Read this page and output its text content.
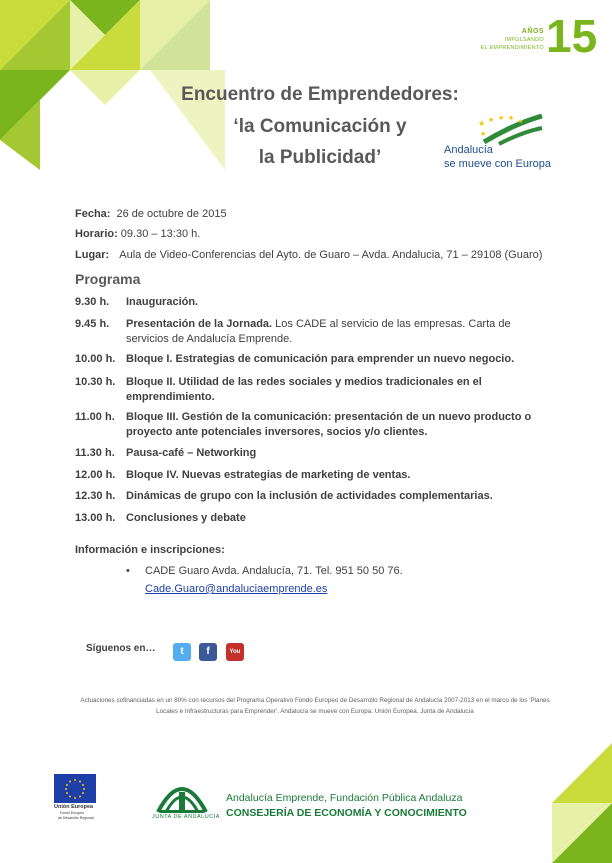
AÑOS
IMPULSANDO
EL EMPRENDIMIENTO 15
Encuentro de Emprendedores:
‘la Comunicación y
la Publicidad’
★ ★ ★ ★
★
★
Andalucía
se mueve con Europa
Fecha: 26 de octubre de 2015
Horario: 09.30 – 13:30 h.
Lugar: Aula de Video-Conferencias del Ayto. de Guaro – Avda. Andalucia, 71 – 29108 (Guaro)
Programa
9.30 h. Inauguración.
9.45 h. Presentación de la Jornada. Los CADE al servicio de las empresas. Carta de servicios de Andalucía Emprende.
10.00 h. Bloque I. Estrategias de comunicación para emprender un nuevo negocio.
10.30 h. Bloque II. Utilidad de las redes sociales y medios tradicionales en el emprendimiento.
11.00 h. Bloque III. Gestión de la comunicación: presentación de un nuevo producto o proyecto ante potenciales inversores, socios y/o clientes.
11.30 h. Pausa-café – Networking
12.00 h. Bloque IV. Nuevas estrategias de marketing de ventas.
12.30 h. Dinámicas de grupo con la inclusión de actividades complementarias.
13.00 h. Conclusiones y debate
Información e inscripciones:
• CADE Guaro Avda. Andalucía, 71. Tel. 951 50 50 76.
Cade.Guaro@andaluciaemprende.es
Síguenos en…	t	f	You Tube
Actuaciones cofinanciadas en un 80% con recursos del Programa Operativo Fondo Europeo de Desarrollo Regional de Andalucía 2007-2013 en el marco de los 'Planes Locales e Infraestructuras para Emprender'. Andalucía se mueve con Europa. Unión Europea. Junta de Andalucía
Unión Europea
Fondo Europeo
de Desarrollo Regional	JUNTA DE ANDALUCIA
Andalucía Emprende, Fundación Pública Andaluza
CONSEJERÍA DE ECONOMÍA Y CONOCIMIENTO
